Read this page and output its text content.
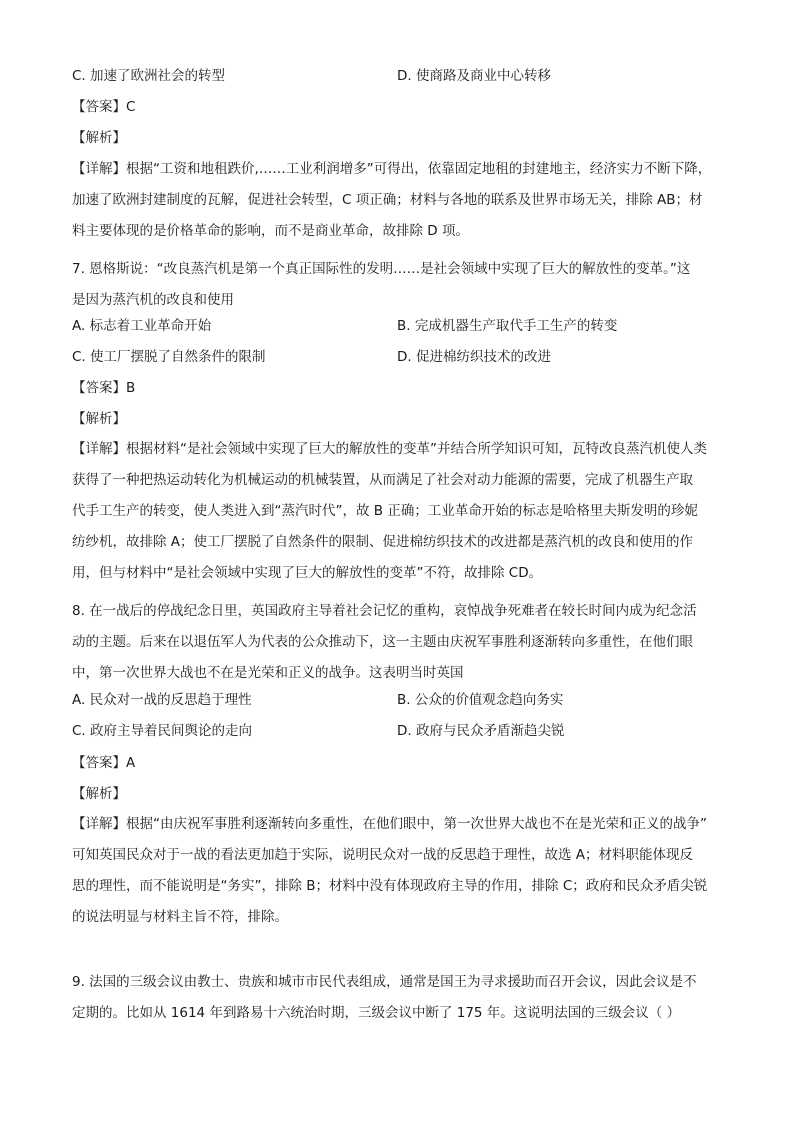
C. 加速了欧洲社会的转型	D. 使商路及商业中心转移
【答案】C
【解析】
【详解】根据“工资和地租跌价,……工业利润增多”可得出，依靠固定地租的封建地主，经济实力不断下降，
加速了欧洲封建制度的瓦解，促进社会转型，C 项正确；材料与各地的联系及世界市场无关，排除 AB；材
料主要体现的是价格革命的影响，而不是商业革命，故排除 D 项。
7. 恩格斯说：“改良蒸汽机是第一个真正国际性的发明……是社会领域中实现了巨大的解放性的变革。”这
是因为蒸汽机的改良和使用
A. 标志着工业革命开始	B. 完成机器生产取代手工生产的转变
C. 使工厂摆脱了自然条件的限制	D. 促进棉纺织技术的改进
【答案】B
【解析】
【详解】根据材料“是社会领域中实现了巨大的解放性的变革”并结合所学知识可知，瓦特改良蒸汽机使人类
获得了一种把热运动转化为机械运动的机械装置，从而满足了社会对动力能源的需要，完成了机器生产取
代手工生产的转变，使人类进入到“蒸汽时代”，故 B 正确；工业革命开始的标志是哈格里夫斯发明的珍妮
纺纱机，故排除 A；使工厂摆脱了自然条件的限制、促进棉纺织技术的改进都是蒸汽机的改良和使用的作
用，但与材料中“是社会领域中实现了巨大的解放性的变革”不符，故排除 CD。
8. 在一战后的停战纪念日里，英国政府主导着社会记忆的重构，哀悼战争死难者在较长时间内成为纪念活
动的主题。后来在以退伍军人为代表的公众推动下，这一主题由庆祝军事胜利逐渐转向多重性，在他们眼
中，第一次世界大战也不在是光荣和正义的战争。这表明当时英国
A. 民众对一战的反思趋于理性	B. 公众的价值观念趋向务实
C. 政府主导着民间舆论的走向	D. 政府与民众矛盾渐趋尖锐
【答案】A
【解析】
【详解】根据“由庆祝军事胜利逐渐转向多重性，在他们眼中，第一次世界大战也不在是光荣和正义的战争”
可知英国民众对于一战的看法更加趋于实际，说明民众对一战的反思趋于理性，故选 A；材料职能体现反
思的理性，而不能说明是“务实”，排除 B；材料中没有体现政府主导的作用，排除 C；政府和民众矛盾尖锐
的说法明显与材料主旨不符，排除。
9. 法国的三级会议由教士、贵族和城市市民代表组成，通常是国王为寻求援助而召开会议，因此会议是不
定期的。比如从 1614 年到路易十六统治时期，三级会议中断了 175 年。这说明法国的三级会议（ ）
